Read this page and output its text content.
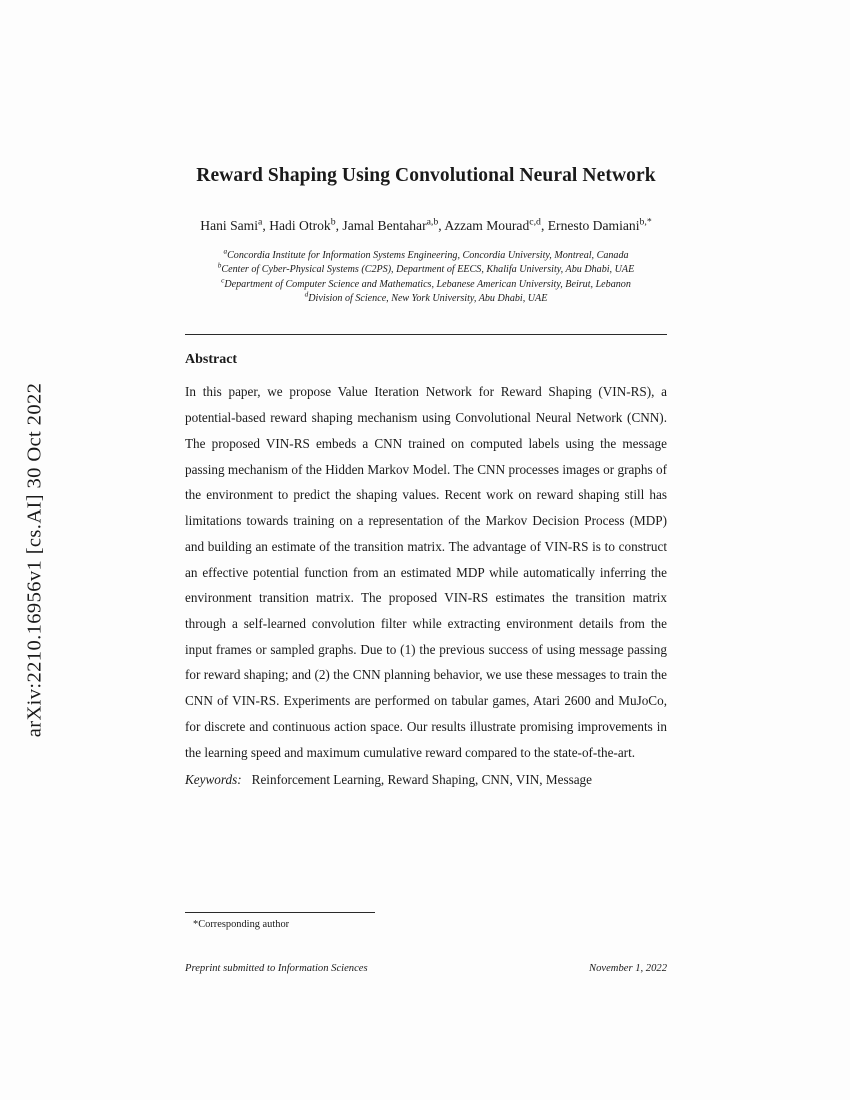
arXiv:2210.16956v1 [cs.AI] 30 Oct 2022
Reward Shaping Using Convolutional Neural Network
Hani Sami$^a$, Hadi Otrok$^b$, Jamal Bentahar$^{a,b}$, Azzam Mourad$^{c,d}$, Ernesto Damiani$^{b,*}$

$^a$Concordia Institute for Information Systems Engineering, Concordia University, Montreal, Canada

$^b$Center of Cyber-Physical Systems (C2PS), Department of EECS, Khalifa University, Abu Dhabi, UAE

$^c$Department of Computer Science and Mathematics, Lebanese American University, Beirut, Lebanon

$^d$Division of Science, New York University, Abu Dhabi, UAE

Abstract
In this paper, we propose Value Iteration Network for Reward Shaping (VIN-RS), a potential-based reward shaping mechanism using Convolutional Neural Network (CNN). The proposed VIN-RS embeds a CNN trained on computed labels using the message passing mechanism of the Hidden Markov Model. The CNN processes images or graphs of the environment to predict the shaping values. Recent work on reward shaping still has limitations towards training on a representation of the Markov Decision Process (MDP) and building an estimate of the transition matrix. The advantage of VIN-RS is to construct an effective potential function from an estimated MDP while automatically inferring the environment transition matrix. The proposed VIN-RS estimates the transition matrix through a self-learned convolution filter while extracting environment details from the input frames or sampled graphs. Due to (1) the previous success of using message passing for reward shaping; and (2) the CNN planning behavior, we use these messages to train the CNN of VIN-RS. Experiments are performed on tabular games, Atari 2600 and MuJoCo, for discrete and continuous action space. Our results illustrate promising improvements in the learning speed and maximum cumulative reward compared to the state-of-the-art.
Keywords: Reinforcement Learning, Reward Shaping, CNN, VIN, Message
*Corresponding author
Preprint submitted to Information Sciences	November 1, 2022
